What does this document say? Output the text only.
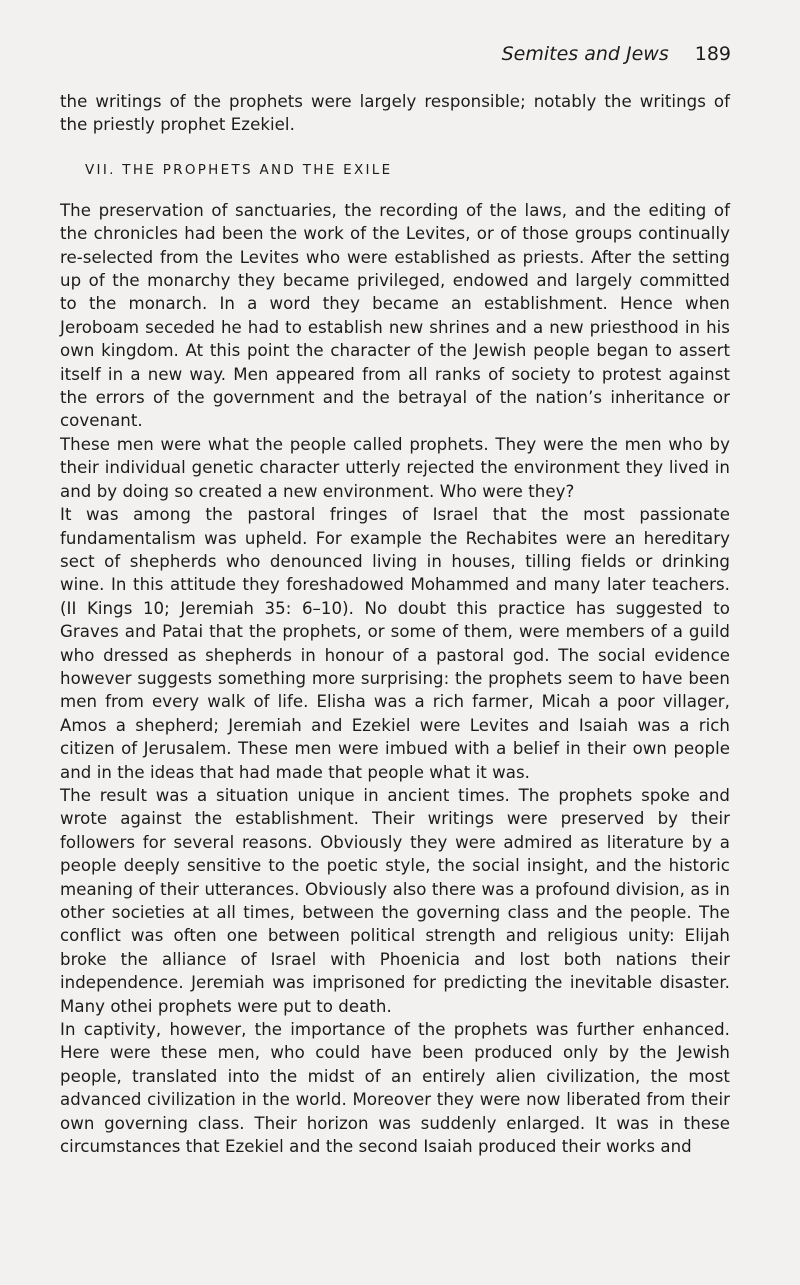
Semites and Jews 189

the writings of the prophets were largely responsible; notably the writings of the priestly prophet Ezekiel.

VII. THE PROPHETS AND THE EXILE

The preservation of sanctuaries, the recording of the laws, and the editing of the chronicles had been the work of the Levites, or of those groups continually re-selected from the Levites who were established as priests. After the setting up of the monarchy they became privileged, endowed and largely committed to the monarch. In a word they became an establishment. Hence when Jeroboam seceded he had to establish new shrines and a new priesthood in his own kingdom. At this point the character of the Jewish people began to assert itself in a new way. Men appeared from all ranks of society to protest against the errors of the government and the betrayal of the nation’s inheritance or covenant.

These men were what the people called prophets. They were the men who by their individual genetic character utterly rejected the environment they lived in and by doing so created a new environment. Who were they?

It was among the pastoral fringes of Israel that the most passionate fundamentalism was upheld. For example the Rechabites were an hereditary sect of shepherds who denounced living in houses, tilling fields or drinking wine. In this attitude they foreshadowed Mohammed and many later teachers. (II Kings 10; Jeremiah 35: 6–10). No doubt this practice has suggested to Graves and Patai that the prophets, or some of them, were members of a guild who dressed as shepherds in honour of a pastoral god. The social evidence however suggests something more surprising: the prophets seem to have been men from every walk of life. Elisha was a rich farmer, Micah a poor villager, Amos a shepherd; Jeremiah and Ezekiel were Levites and Isaiah was a rich citizen of Jerusalem. These men were imbued with a belief in their own people and in the ideas that had made that people what it was.

The result was a situation unique in ancient times. The prophets spoke and wrote against the establishment. Their writings were preserved by their followers for several reasons. Obviously they were admired as literature by a people deeply sensitive to the poetic style, the social insight, and the historic meaning of their utterances. Obviously also there was a profound division, as in other societies at all times, between the governing class and the people. The conflict was often one between political strength and religious unity: Elijah broke the alliance of Israel with Phoenicia and lost both nations their independence. Jeremiah was imprisoned for predicting the inevitable disaster. Many othei prophets were put to death.

In captivity, however, the importance of the prophets was further enhanced. Here were these men, who could have been produced only by the Jewish people, translated into the midst of an entirely alien civilization, the most advanced civilization in the world. Moreover they were now liberated from their own governing class. Their horizon was suddenly enlarged. It was in these circumstances that Ezekiel and the second Isaiah produced their works and
